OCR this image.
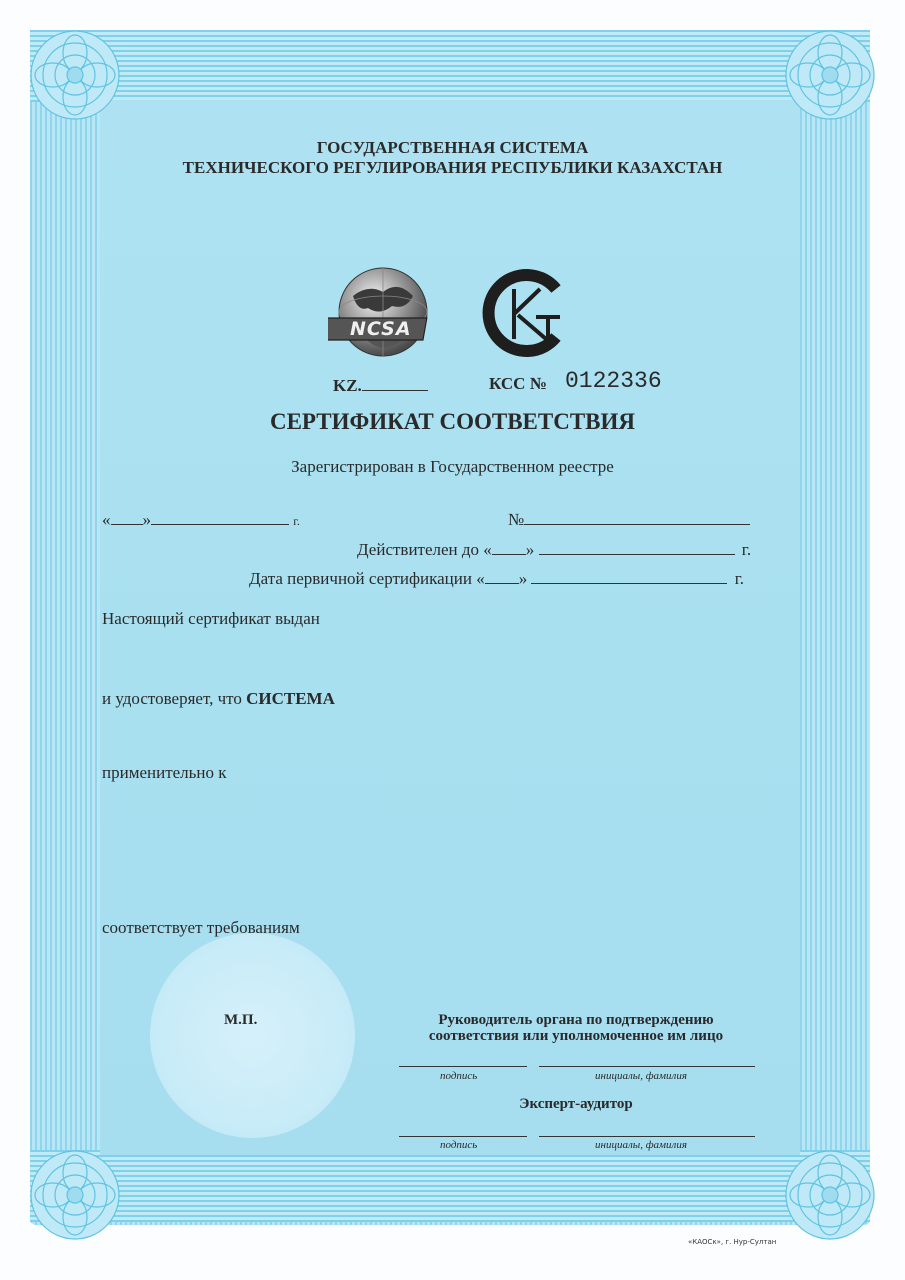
ГОСУДАРСТВЕННАЯ СИСТЕМА
ТЕХНИЧЕСКОГО РЕГУЛИРОВАНИЯ РЕСПУБЛИКИ КАЗАХСТАН
NCSA
KZ.	КСС № 0122336
СЕРТИФИКАТ СООТВЕТСТВИЯ
Зарегистрирован в Государственном реестре
« »	г.	№
Действителен до « »	г.
Дата первичной сертификации « »	г.
Настоящий сертификат выдан
и удостоверяет, что СИСТЕМА
применительно к
соответствует требованиям
М.П.	Руководитель органа по подтверждению
соответствия или уполномоченное им лицо
подпись	инициалы, фамилия
Эксперт-аудитор
подпись	инициалы, фамилия
«КАОСк», г. Нур-Султан
